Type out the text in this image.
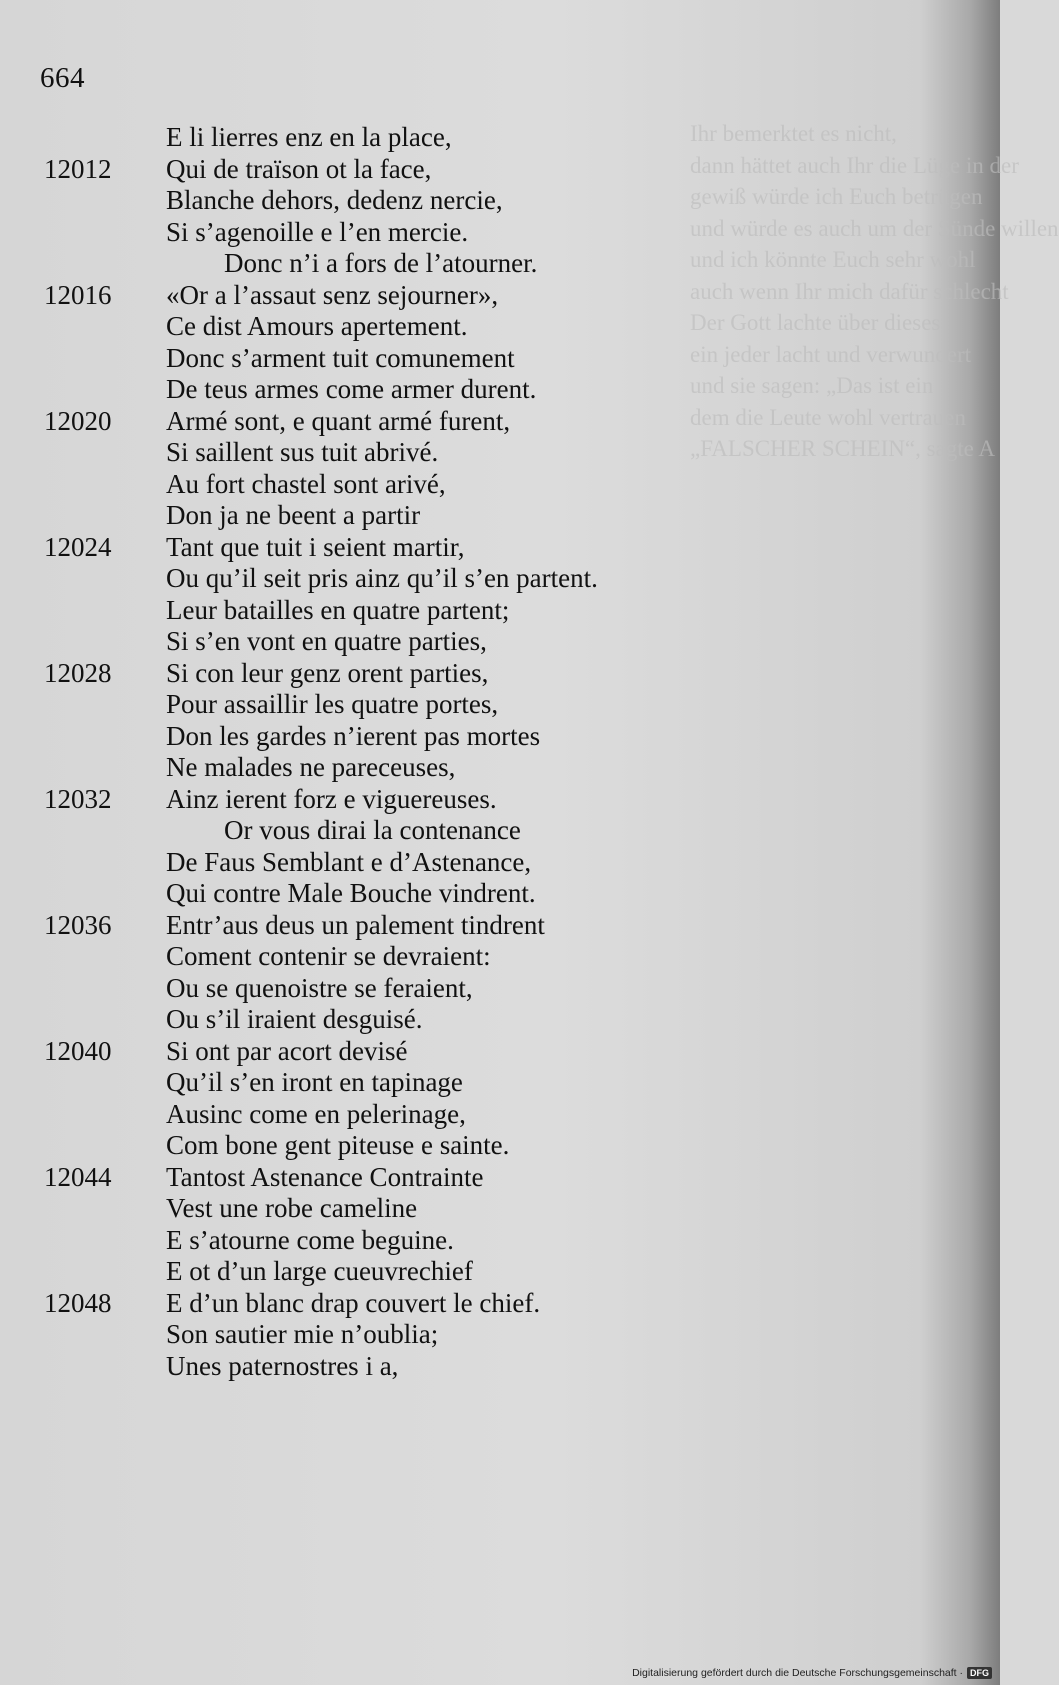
664
Ihr bemerktet es nicht,
dann hättet auch Ihr die Lüge in der
gewiß würde ich Euch betrügen
und würde es auch um der Sünde willen
und ich könnte Euch sehr wohl
auch wenn Ihr mich dafür schlecht
Der Gott lachte über dieses
ein jeder lacht und verwundert
und sie sagen: „Das ist ein
dem die Leute wohl vertrauen
„FALSCHER SCHEIN“, sagte A
E li lierres enz en la place,
12012	Qui de traïson ot la face,
Blanche dehors, dedenz nercie,
Si s’agenoille e l’en mercie.
Donc n’i a fors de l’atourner.
12016	«Or a l’assaut senz sejourner»,
Ce dist Amours apertement.
Donc s’arment tuit comunement
De teus armes come armer durent.
12020	Armé sont, e quant armé furent,
Si saillent sus tuit abrivé.
Au fort chastel sont arivé,
Don ja ne beent a partir
12024	Tant que tuit i seient martir,
Ou qu’il seit pris ainz qu’il s’en partent.
Leur batailles en quatre partent;
Si s’en vont en quatre parties,
12028	Si con leur genz orent parties,
Pour assaillir les quatre portes,
Don les gardes n’ierent pas mortes
Ne malades ne pareceuses,
12032	Ainz ierent forz e viguereuses.
Or vous dirai la contenance
De Faus Semblant e d’Astenance,
Qui contre Male Bouche vindrent.
12036	Entr’aus deus un palement tindrent
Coment contenir se devraient:
Ou se quenoistre se feraient,
Ou s’il iraient desguisé.
12040	Si ont par acort devisé
Qu’il s’en iront en tapinage
Ausinc come en pelerinage,
Com bone gent piteuse e sainte.
12044	Tantost Astenance Contrainte
Vest une robe cameline
E s’atourne come beguine.
E ot d’un large cueuvrechief
12048	E d’un blanc drap couvert le chief.
Son sautier mie n’oublia;
Unes paternostres i a,
Digitalisierung gefördert durch die Deutsche Forschungsgemeinschaft · DFG
